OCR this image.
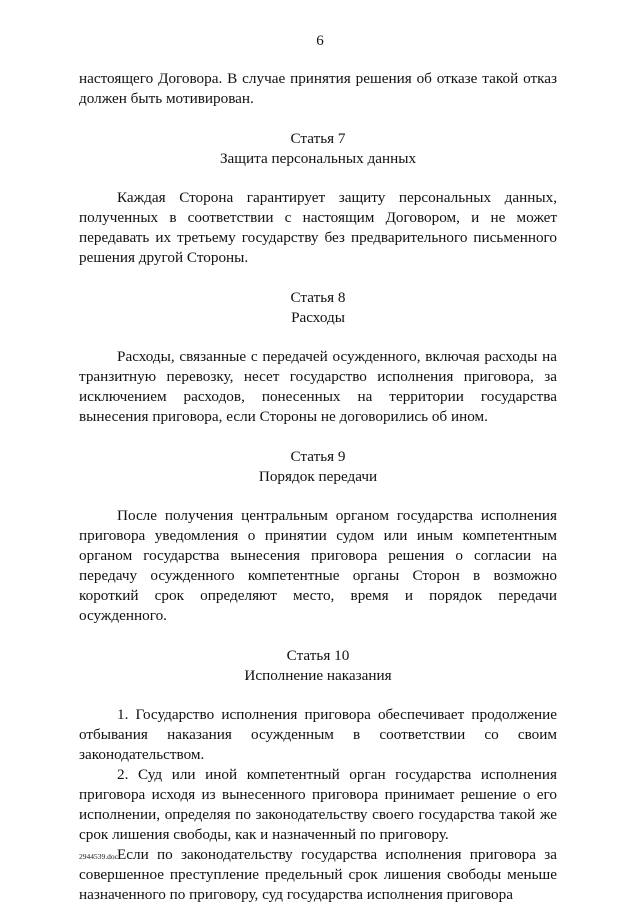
6

настоящего Договора. В случае принятия решения об отказе такой отказ должен быть мотивирован.

Статья 7
Защита персональных данных

Каждая Сторона гарантирует защиту персональных данных, полученных в соответствии с настоящим Договором, и не может передавать их третьему государству без предварительного письменного решения другой Стороны.

Статья 8
Расходы

Расходы, связанные с передачей осужденного, включая расходы на транзитную перевозку, несет государство исполнения приговора, за исключением расходов, понесенных на территории государства вынесения приговора, если Стороны не договорились об ином.

Статья 9
Порядок передачи

После получения центральным органом государства исполнения приговора уведомления о принятии судом или иным компетентным органом государства вынесения приговора решения о согласии на передачу осужденного компетентные органы Сторон в возможно короткий срок определяют место, время и порядок передачи осужденного.

Статья 10
Исполнение наказания

1. Государство исполнения приговора обеспечивает продолжение отбывания наказания осужденным в соответствии со своим законодательством.

2. Суд или иной компетентный орган государства исполнения приговора исходя из вынесенного приговора принимает решение о его исполнении, определяя по законодательству своего государства такой же срок лишения свободы, как и назначенный по приговору.

Если по законодательству государства исполнения приговора за совершенное преступление предельный срок лишения свободы меньше назначенного по приговору, суд государства исполнения приговора

2944539.doc
